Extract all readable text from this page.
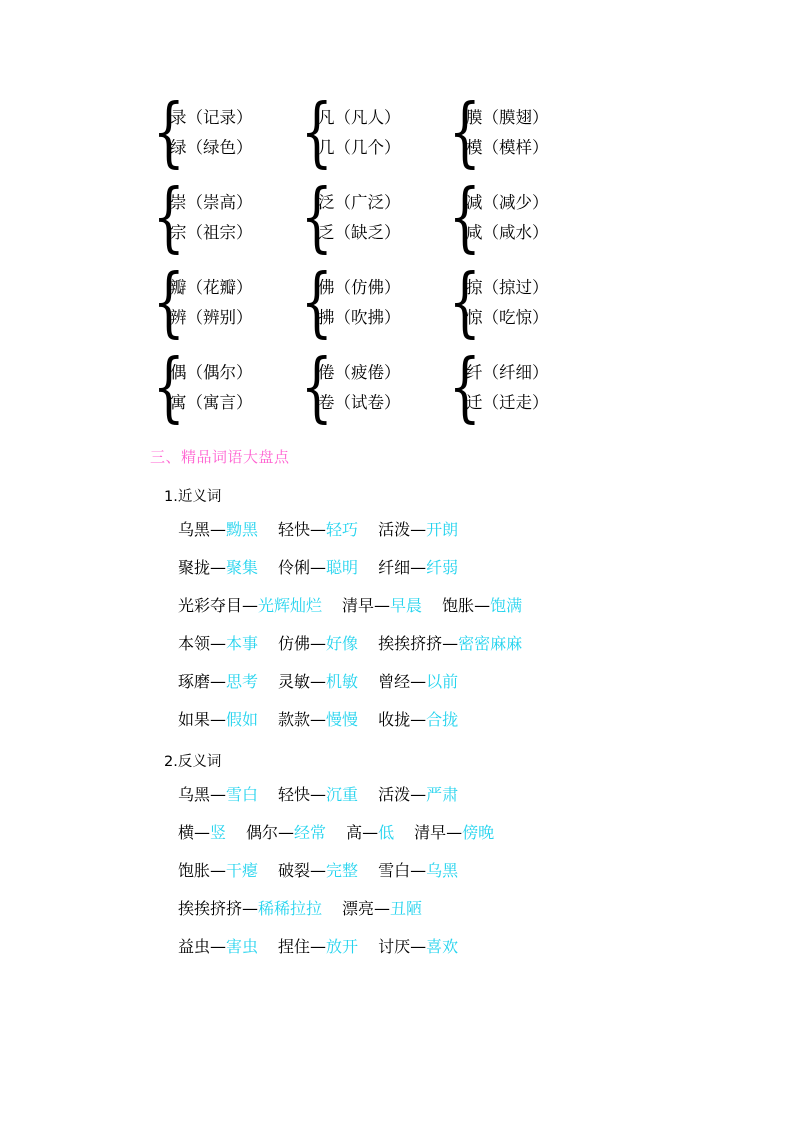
{
录（记录）
绿（绿色） {
凡（凡人）
几（几个） {
膜（膜翅）
模（模样）
{
崇（崇高）
宗（祖宗） {
泛（广泛）
乏（缺乏） {
减（减少）
咸（咸水）
{
瓣（花瓣）
辨（辨别） {
佛（仿佛）
拂（吹拂） {
掠（掠过）
惊（吃惊）
{
偶（偶尔）
寓（寓言） {
倦（疲倦）
卷（试卷） {
纤（纤细）
迁（迁走）
三、精品词语大盘点
1.近义词
乌黑—黝黑 轻快—轻巧 活泼—开朗
聚拢—聚集 伶俐—聪明 纤细—纤弱
光彩夺目—光辉灿烂 清早—早晨 饱胀—饱满
本领—本事 仿佛—好像 挨挨挤挤—密密麻麻
琢磨—思考 灵敏—机敏 曾经—以前
如果—假如 款款—慢慢 收拢—合拢
2.反义词
乌黑—雪白 轻快—沉重 活泼—严肃
横—竖 偶尔—经常 高—低 清早—傍晚
饱胀—干瘪 破裂—完整 雪白—乌黑
挨挨挤挤—稀稀拉拉 漂亮—丑陋
益虫—害虫 捏住—放开 讨厌—喜欢
